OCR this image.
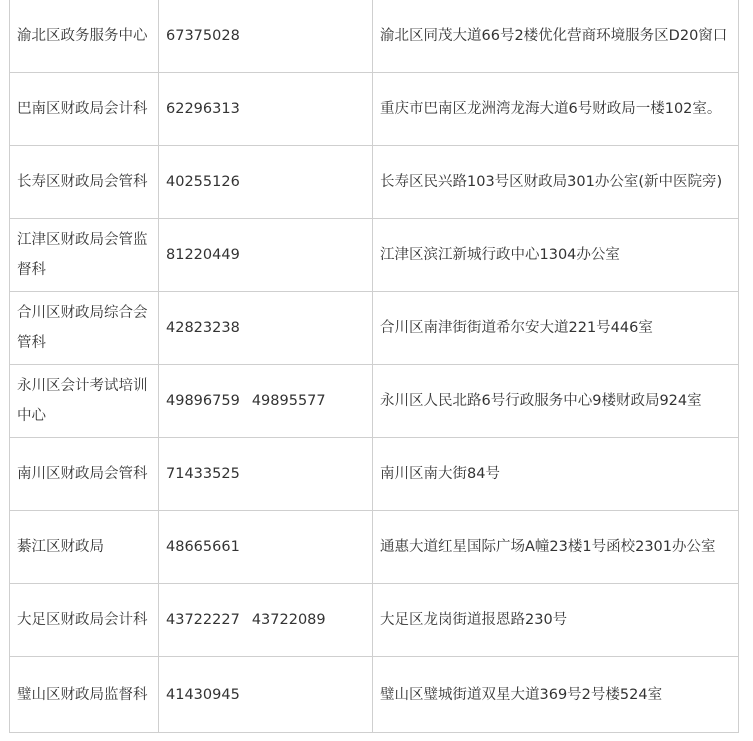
渝北区政务服务中心	67375028	渝北区同茂大道66号2楼优化营商环境服务区D20窗口
巴南区财政局会计科	62296313	重庆市巴南区龙洲湾龙海大道6号财政局一楼102室。
长寿区财政局会管科	40255126	长寿区民兴路103号区财政局301办公室(新中医院旁)
江津区财政局会管监督科	81220449	江津区滨江新城行政中心1304办公室
合川区财政局综合会管科	42823238	合川区南津街街道希尔安大道221号446室
永川区会计考试培训中心	49896759 49895577	永川区人民北路6号行政服务中心9楼财政局924室
南川区财政局会管科	71433525	南川区南大街84号
綦江区财政局	48665661	通惠大道红星国际广场A幢23楼1号函校2301办公室
大足区财政局会计科	43722227 43722089	大足区龙岗街道报恩路230号
璧山区财政局监督科	41430945	璧山区璧城街道双星大道369号2号楼524室
